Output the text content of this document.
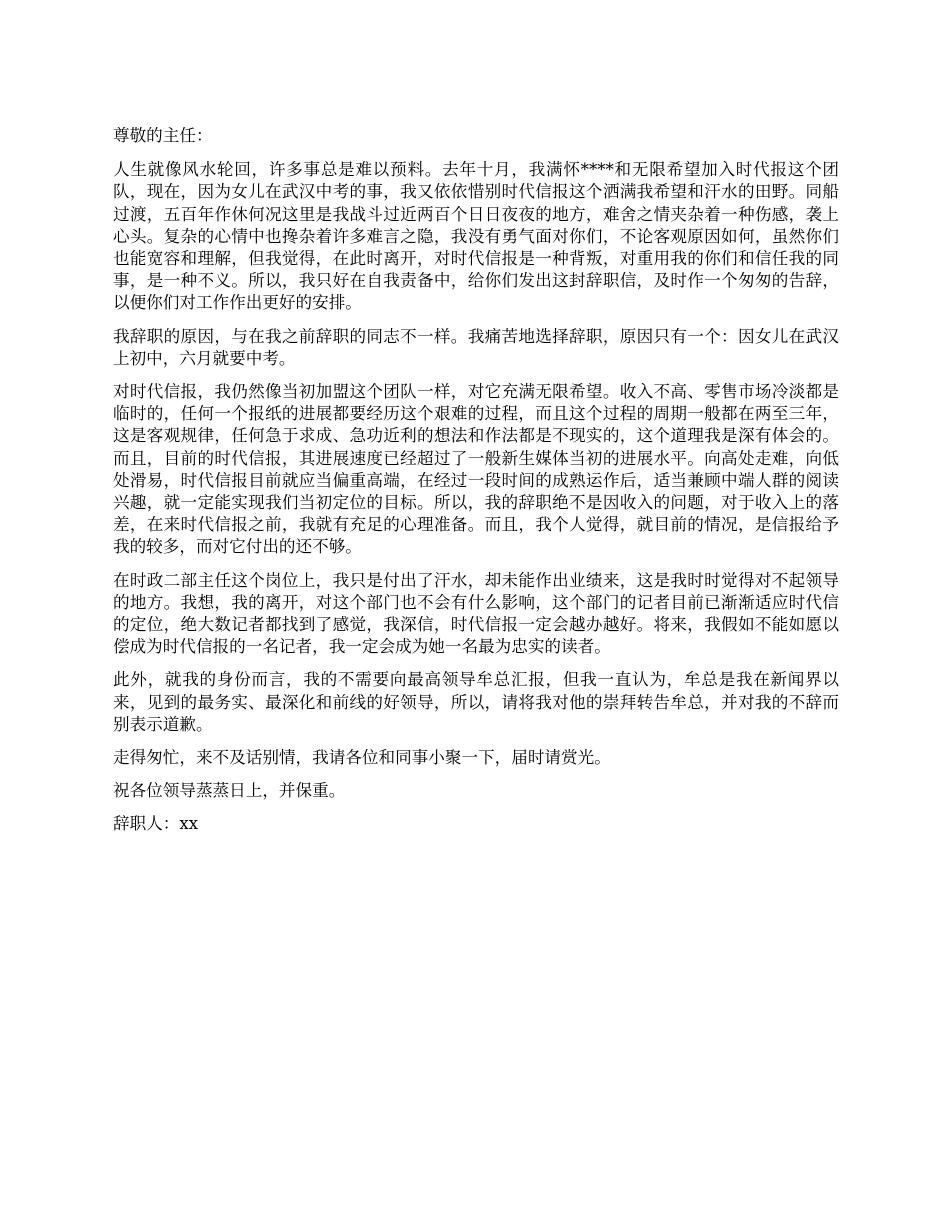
尊敬的主任：

人生就像风水轮回，许多事总是难以预料。去年十月，我满怀****和无限希望加入时代报这个团队，现在，因为女儿在武汉中考的事，我又依依惜别时代信报这个洒满我希望和汗水的田野。同船过渡，五百年作休何况这里是我战斗过近两百个日日夜夜的地方，难舍之情夹杂着一种伤感，袭上心头。复杂的心情中也搀杂着许多难言之隐，我没有勇气面对你们，不论客观原因如何，虽然你们也能宽容和理解，但我觉得，在此时离开，对时代信报是一种背叛，对重用我的你们和信任我的同事，是一种不义。所以，我只好在自我责备中，给你们发出这封辞职信，及时作一个匆匆的告辞，以便你们对工作作出更好的安排。

我辞职的原因，与在我之前辞职的同志不一样。我痛苦地选择辞职，原因只有一个：因女儿在武汉上初中，六月就要中考。

对时代信报，我仍然像当初加盟这个团队一样，对它充满无限希望。收入不高、零售市场冷淡都是临时的，任何一个报纸的进展都要经历这个艰难的过程，而且这个过程的周期一般都在两至三年，这是客观规律，任何急于求成、急功近利的想法和作法都是不现实的，这个道理我是深有体会的。而且，目前的时代信报，其进展速度已经超过了一般新生媒体当初的进展水平。向高处走难，向低处滑易，时代信报目前就应当偏重高端，在经过一段时间的成熟运作后，适当兼顾中端人群的阅读兴趣，就一定能实现我们当初定位的目标。所以，我的辞职绝不是因收入的问题，对于收入上的落差，在来时代信报之前，我就有充足的心理准备。而且，我个人觉得，就目前的情况，是信报给予我的较多，而对它付出的还不够。

在时政二部主任这个岗位上，我只是付出了汗水，却未能作出业绩来，这是我时时觉得对不起领导的地方。我想，我的离开，对这个部门也不会有什么影响，这个部门的记者目前已渐渐适应时代信的定位，绝大数记者都找到了感觉，我深信，时代信报一定会越办越好。将来，我假如不能如愿以偿成为时代信报的一名记者，我一定会成为她一名最为忠实的读者。

此外，就我的身份而言，我的不需要向最高领导牟总汇报，但我一直认为，牟总是我在新闻界以来，见到的最务实、最深化和前线的好领导，所以，请将我对他的崇拜转告牟总，并对我的不辞而别表示道歉。

走得匆忙，来不及话别情，我请各位和同事小聚一下，届时请赏光。

祝各位领导蒸蒸日上，并保重。

辞职人：xx
